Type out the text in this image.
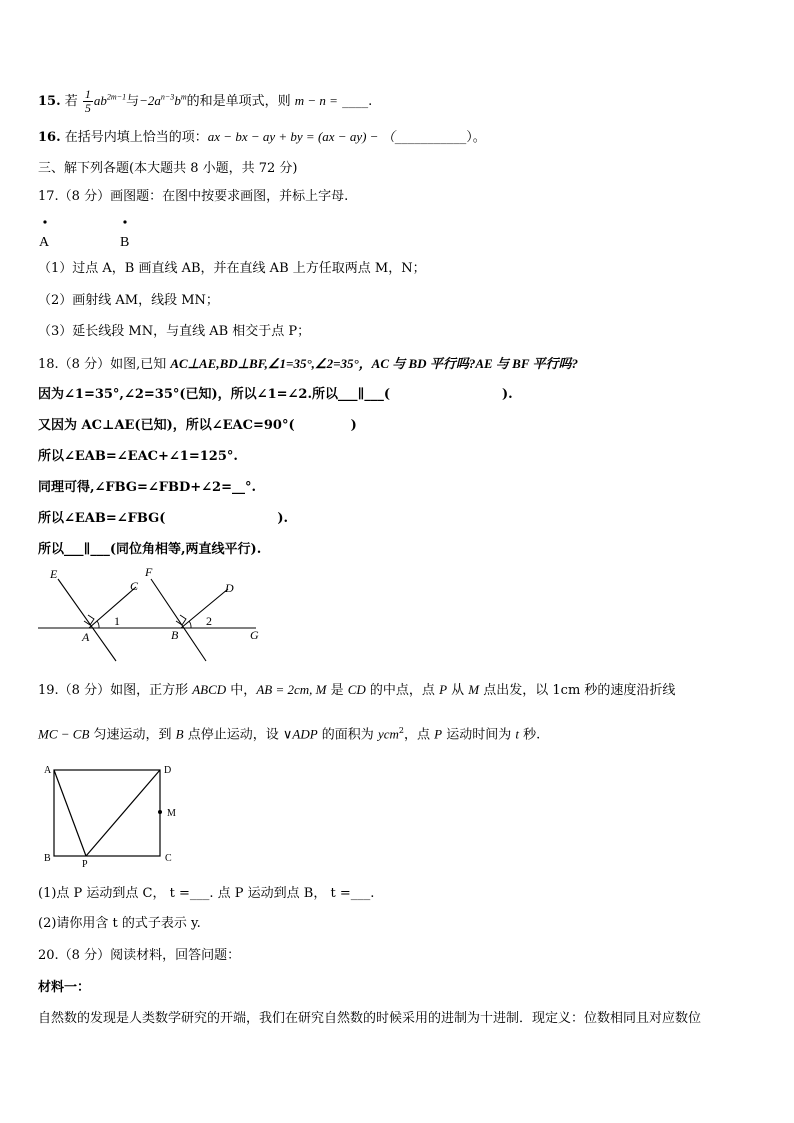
15. 若 $\frac{1}{5} ab^{2m-1}$与$-2a^{n-3}b^m$的和是单项式，则 m − n = ____.
16. 在括号内填上恰当的项：ax − bx − ay + by = (ax − ay) − （___________）。
三、解下列各题(本大题共 8 小题，共 72 分)
17.（8 分）画图题：在图中按要求画图，并标上字母.
A	B
（1）过点 A，B 画直线 AB，并在直线 AB 上方任取两点 M，N；
（2）画射线 AM，线段 MN；
（3）延长线段 MN，与直线 AB 相交于点 P；
18.（8 分）如图,已知 AC⊥AE,BD⊥BF,∠1=35°,∠2=35°，AC 与 BD 平行吗?AE 与 BF 平行吗?
因为∠1=35°,∠2=35°(已知)，所以∠1=∠2.所以___∥___(	).
又因为 AC⊥AE(已知)，所以∠EAC=90°(	)
所以∠EAB=∠EAC+∠1=125°.
同理可得,∠FBG=∠FBD+∠2=__°.
所以∠EAB=∠FBG(	).
所以___∥___(同位角相等,两直线平行).
E
C
F
D
A	B	G
1	2
19.（8 分）如图，正方形 ABCD 中，AB = 2cm, M 是 CD 的中点，点 P 从 M 点出发，以 1cm 秒的速度沿折线
MC − CB 匀速运动，到 B 点停止运动，设 ∨ADP 的面积为 ycm$^2$，点 P 运动时间为 t 秒.
A	D
M
B
P
C
(1)点 P 运动到点 C， t =___. 点 P 运动到点 B， t =___.
(2)请你用含 t 的式子表示 y.
20.（8 分）阅读材料，回答问题：
材料一：
自然数的发现是人类数学研究的开端，我们在研究自然数的时候采用的进制为十进制．现定义：位数相同且对应数位
